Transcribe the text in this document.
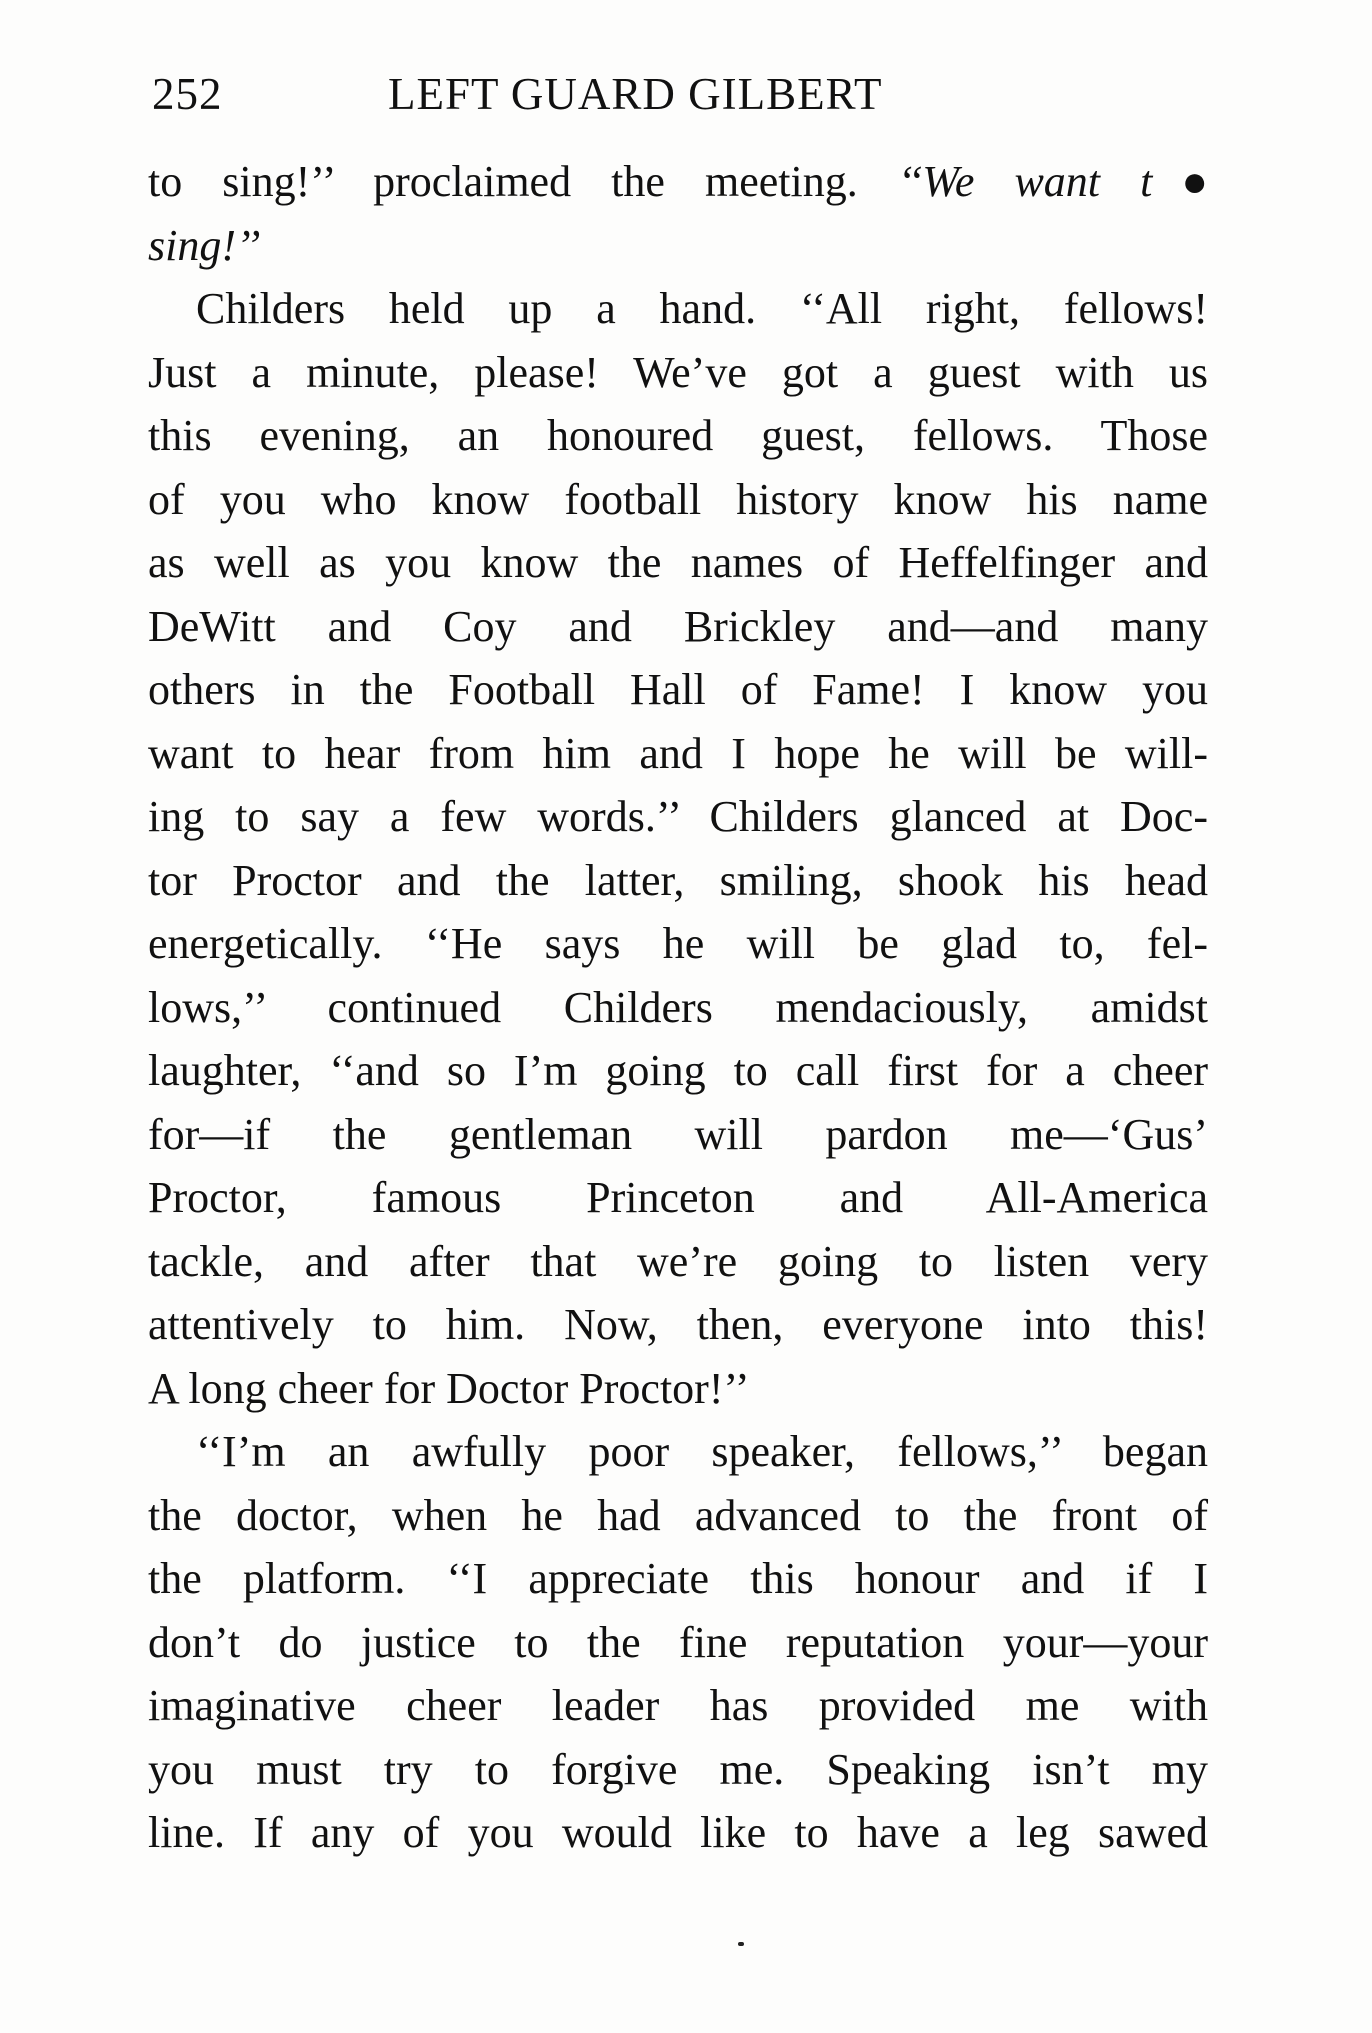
252	LEFT GUARD GILBERT
to sing!’’ proclaimed the meeting. ‘‘We want t●
sing!’’
Childers held up a hand. ‘‘All right, fellows!
Just a minute, please! We’ve got a guest with us
this evening, an honoured guest, fellows. Those
of you who know football history know his name
as well as you know the names of Heffelfinger and
DeWitt and Coy and Brickley and—and many
others in the Football Hall of Fame! I know you
want to hear from him and I hope he will be will-
ing to say a few words.’’ Childers glanced at Doc-
tor Proctor and the latter, smiling, shook his head
energetically. ‘‘He says he will be glad to, fel-
lows,’’ continued Childers mendaciously, amidst
laughter, ‘‘and so I’m going to call first for a cheer
for—if the gentleman will pardon me—‘Gus’
Proctor, famous Princeton and All-America
tackle, and after that we’re going to listen very
attentively to him. Now, then, everyone into this!
A long cheer for Doctor Proctor!’’
‘‘I’m an awfully poor speaker, fellows,’’ began
the doctor, when he had advanced to the front of
the platform. ‘‘I appreciate this honour and if I
don’t do justice to the fine reputation your—your
imaginative cheer leader has provided me with
you must try to forgive me. Speaking isn’t my
line. If any of you would like to have a leg sawed
